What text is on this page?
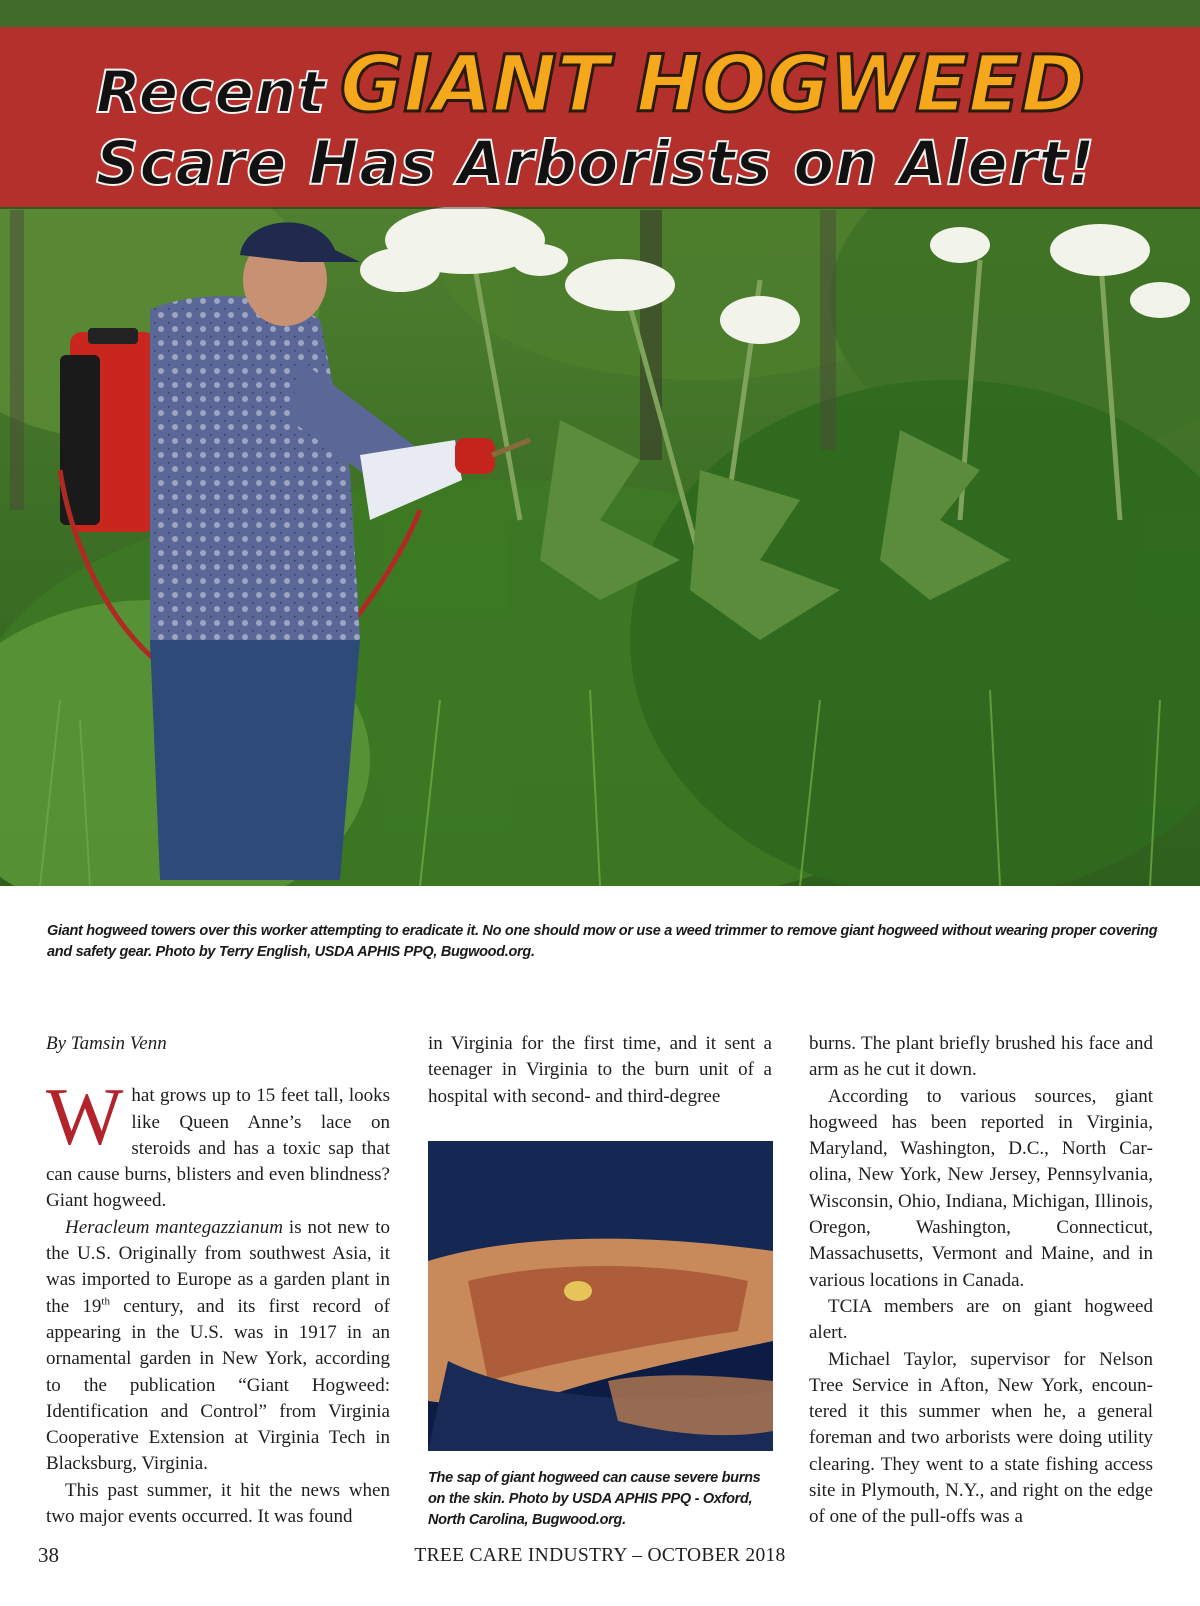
Recent GIANT HOGWEED
Scare Has Arborists on Alert!
Giant hogweed towers over this worker attempting to eradicate it. No one should mow or use a weed trimmer to remove giant hogweed without wearing proper covering and safety gear. Photo by Terry English, USDA APHIS PPQ, Bugwood.org.

By Tamsin Venn

What grows up to 15 feet tall, looks like Queen Anne’s lace on steroids and has a toxic sap that can cause burns, blisters and even blindness? Giant hogweed.

Heracleum mantegazzianum is not new to the U.S. Originally from southwest Asia, it was imported to Europe as a garden plant in the 19th century, and its first record of appearing in the U.S. was in 1917 in an ornamental garden in New York, according to the publication “Giant Hogweed: Identification and Control” from Virginia Cooperative Extension at Virginia Tech in Blacksburg, Virginia.

This past summer, it hit the news when two major events occurred. It was found

in Virginia for the first time, and it sent a teenager in Virginia to the burn unit of a hospital with second- and third-degree

The sap of giant hogweed can cause severe burns on the skin. Photo by USDA APHIS PPQ - Oxford, North Carolina, Bugwood.org.

burns. The plant briefly brushed his face and arm as he cut it down.

According to various sources, giant hogweed has been reported in Virginia, Maryland, Washington, D.C., North Carolina, New York, New Jersey, Pennsylvania, Wisconsin, Ohio, Indiana, Michigan, Illinois, Oregon, Washington, Connecticut, Massachusetts, Vermont and Maine, and in various locations in Canada.

TCIA members are on giant hogweed alert.

Michael Taylor, supervisor for Nelson Tree Service in Afton, New York, encountered it this summer when he, a general foreman and two arborists were doing utility clearing. They went to a state fishing access site in Plymouth, N.Y., and right on the edge of one of the pull-offs was a

38	TREE CARE INDUSTRY – OCTOBER 2018
